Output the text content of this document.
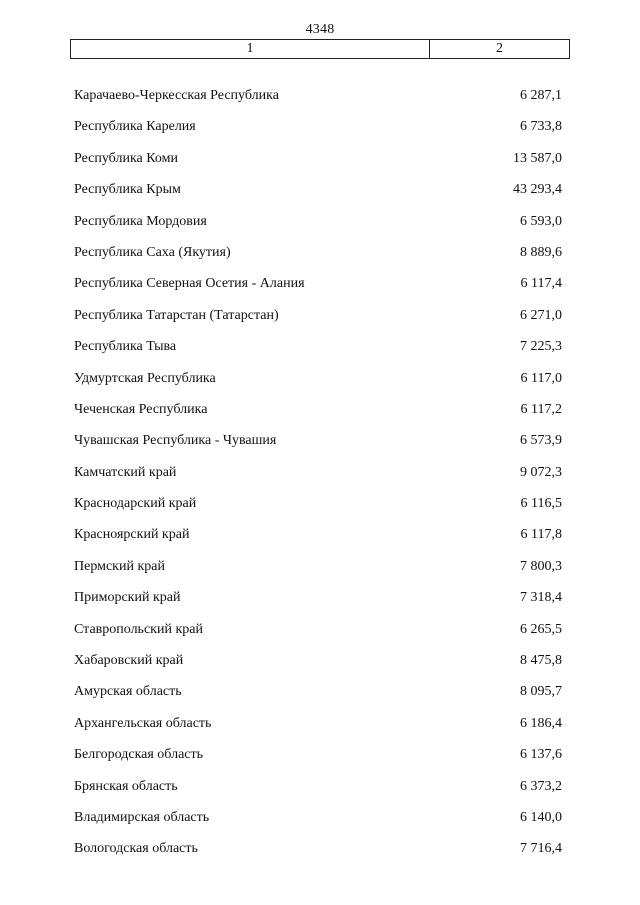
4348
1	2
Карачаево-Черкесская Республика	6 287,1
Республика Карелия	6 733,8
Республика Коми	13 587,0
Республика Крым	43 293,4
Республика Мордовия	6 593,0
Республика Саха (Якутия)	8 889,6
Республика Северная Осетия - Алания	6 117,4
Республика Татарстан (Татарстан)	6 271,0
Республика Тыва	7 225,3
Удмуртская Республика	6 117,0
Чеченская Республика	6 117,2
Чувашская Республика - Чувашия	6 573,9
Камчатский край	9 072,3
Краснодарский край	6 116,5
Красноярский край	6 117,8
Пермский край	7 800,3
Приморский край	7 318,4
Ставропольский край	6 265,5
Хабаровский край	8 475,8
Амурская область	8 095,7
Архангельская область	6 186,4
Белгородская область	6 137,6
Брянская область	6 373,2
Владимирская область	6 140,0
Вологодская область	7 716,4
